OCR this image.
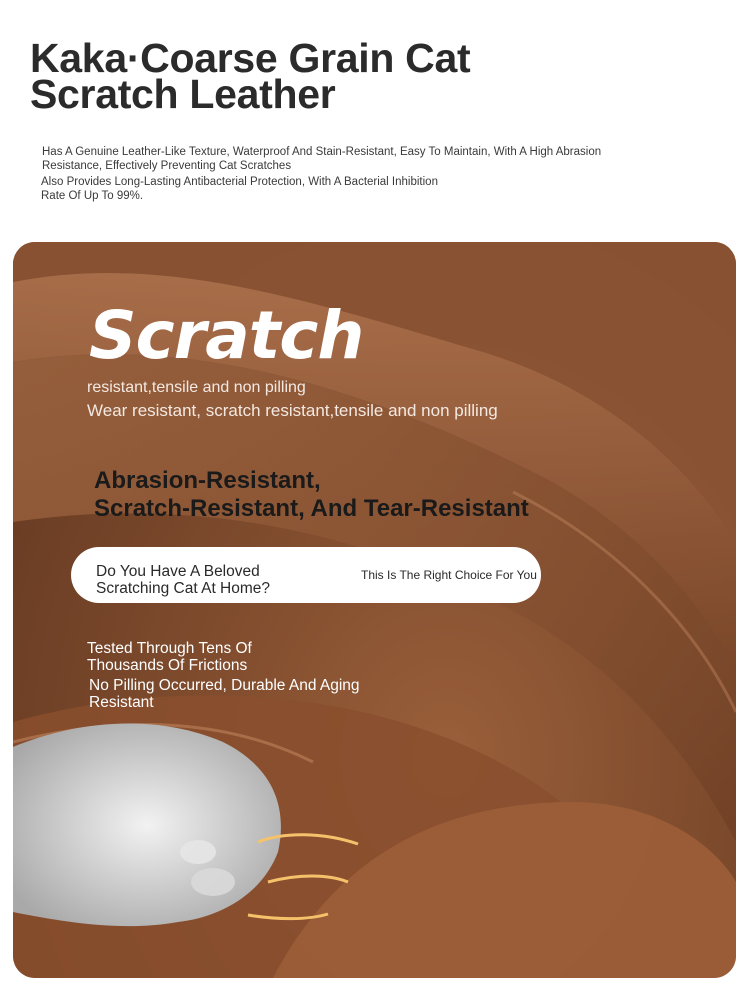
Kaka·Coarse Grain Cat
Scratch Leather

Has A Genuine Leather-Like Texture, Waterproof And Stain-Resistant, Easy To Maintain, With A High Abrasion Resistance, Effectively Preventing Cat Scratches

Also Provides Long-Lasting Antibacterial Protection, With A Bacterial Inhibition Rate Of Up To 99%.

Scratch

resistant,tensile and non pilling

Wear resistant, scratch resistant,tensile and non pilling

Abrasion-Resistant,
Scratch-Resistant, And Tear-Resistant

Do You Have A Beloved
Scratching Cat At Home?

This Is The Right Choice For You

Tested Through Tens Of
Thousands Of Frictions

No Pilling Occurred, Durable And Aging
Resistant
